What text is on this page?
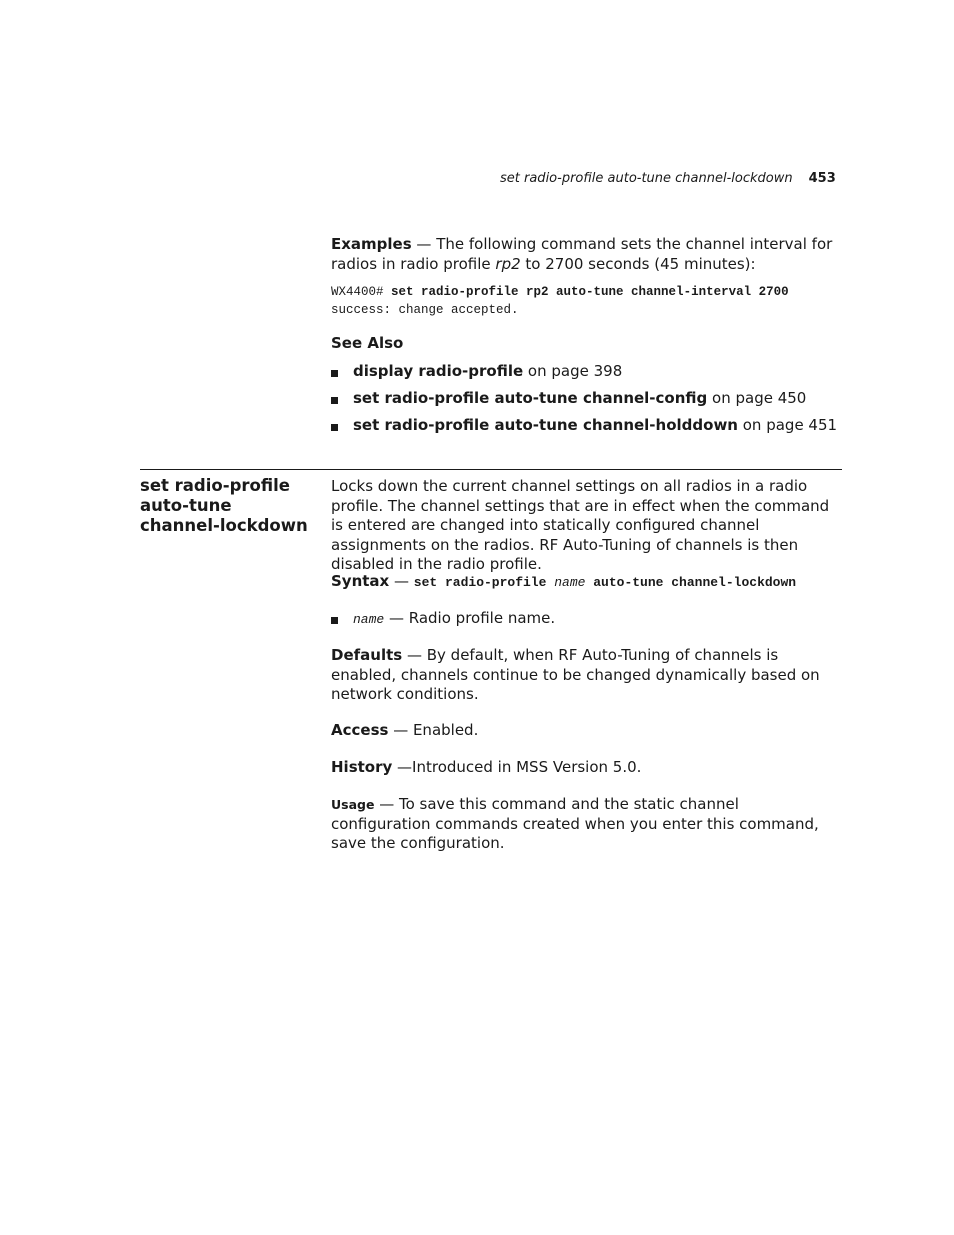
set radio-profile auto-tune channel-lockdown 453
Examples — The following command sets the channel interval for radios in radio profile rp2 to 2700 seconds (45 minutes):
WX4400# set radio-profile rp2 auto-tune channel-interval 2700
success: change accepted.
See Also
display radio-profile on page 398
set radio-profile auto-tune channel-config on page 450
set radio-profile auto-tune channel-holddown on page 451
set radio-profile
auto-tune
channel-lockdown
Locks down the current channel settings on all radios in a radio profile. The channel settings that are in effect when the command is entered are changed into statically configured channel assignments on the radios. RF Auto-Tuning of channels is then disabled in the radio profile.
Syntax — set radio-profile name auto-tune channel-lockdown
name — Radio profile name.
Defaults — By default, when RF Auto-Tuning of channels is enabled, channels continue to be changed dynamically based on network conditions.
Access — Enabled.
History —Introduced in MSS Version 5.0.
Usage — To save this command and the static channel configuration commands created when you enter this command, save the configuration.
